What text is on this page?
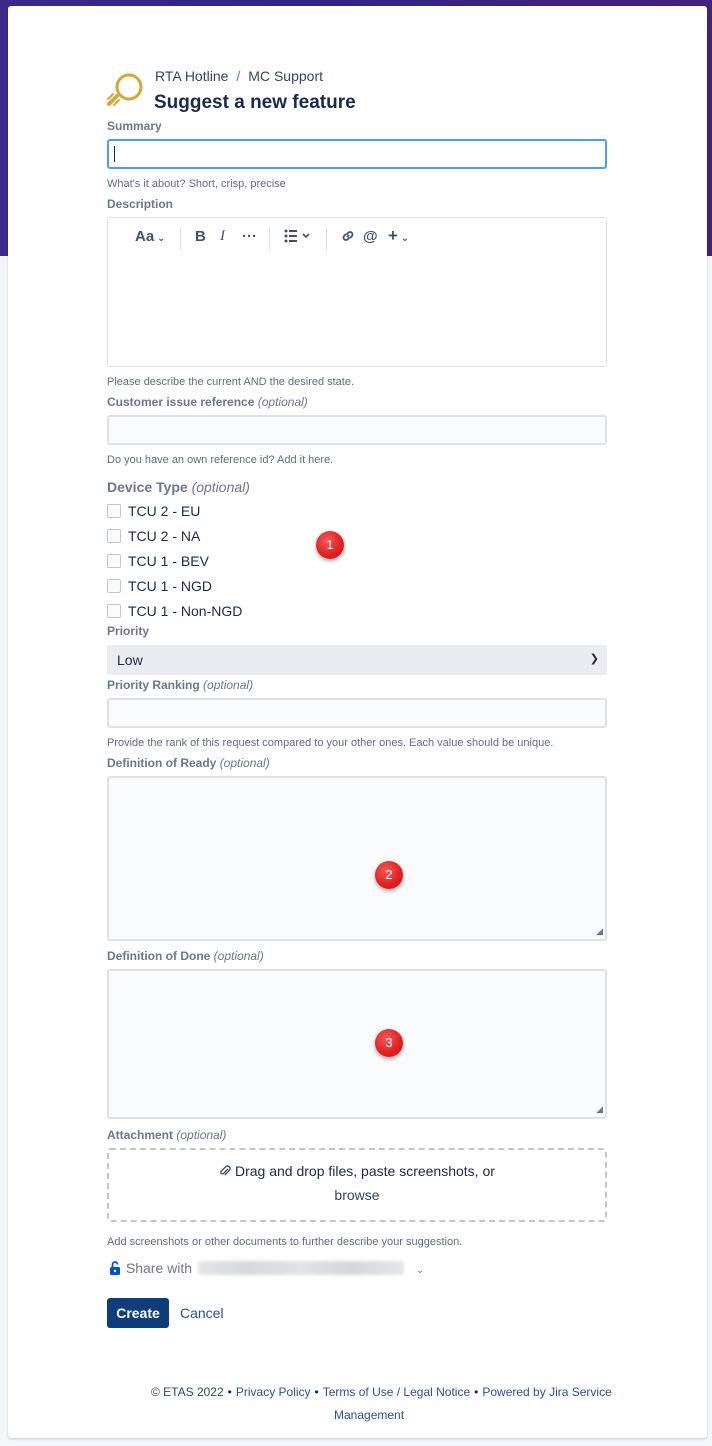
RTA Hotline / MC Support
Suggest a new feature
Summary
What's it about? Short, crisp, precise
Description
Aa ⌄ B I ···	@ + ⌄
Please describe the current AND the desired state.
Customer issue reference (optional)
Do you have an own reference id? Add it here.
Device Type (optional)
TCU 2 - EU
TCU 2 - NA
TCU 1 - BEV
TCU 1 - NGD
TCU 1 - Non-NGD
1
Priority
Low	❯
Priority Ranking (optional)
Provide the rank of this request compared to your other ones. Each value should be unique.
Definition of Ready (optional)
◢
2
Definition of Done (optional)
◢
3
Attachment (optional)
Drag and drop files, paste screenshots, or
browse
Add screenshots or other documents to further describe your suggestion.
Share with	⌄
Create	Cancel
© ETAS 2022 • Privacy Policy • Terms of Use / Legal Notice • Powered by Jira Service
Management
